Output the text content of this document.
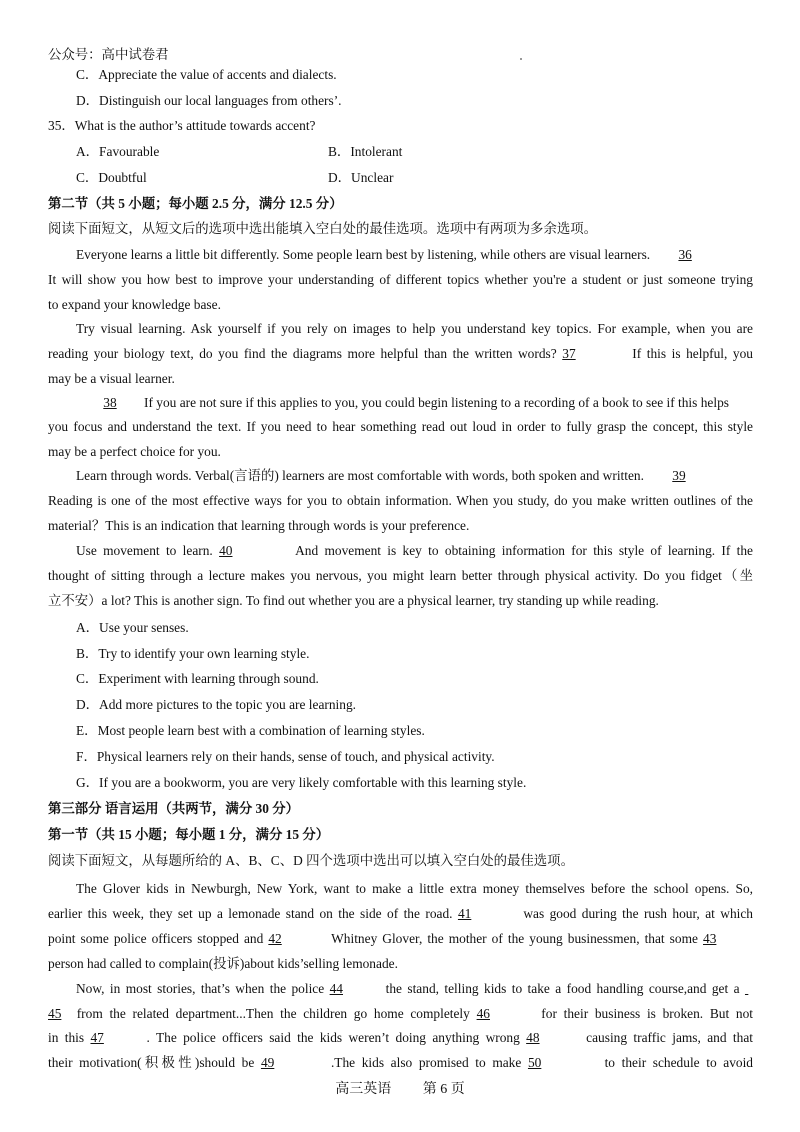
公众号：高中试卷君
C．Appreciate the value of accents and dialects.
D．Distinguish our local languages from others’.
35．What is the author’s attitude towards accent?
A．Favourable	B．Intolerant
C．Doubtful	D．Unclear
第二节（共 5 小题；每小题 2.5 分，满分 12.5 分）
阅读下面短文，从短文后的选项中选出能填入空白处的最佳选项。选项中有两项为多余选项。
Everyone learns a little bit differently. Some people learn best by listening, while others are visual learners. 36
It will show you how best to improve your understanding of different topics whether you're a student or just someone trying
to expand your knowledge base.
Try visual learning. Ask yourself if you rely on images to help you understand key topics. For example, when you are
reading your biology text, do you find the diagrams more helpful than the written words? 37	If this is helpful, you
may be a visual learner.
38 If you are not sure if this applies to you, you could begin listening to a recording of a book to see if this helps
you focus and understand the text. If you need to hear something read out loud in order to fully grasp the concept, this style
may be a perfect choice for you.
Learn through words. Verbal(言语的) learners are most comfortable with words, both spoken and written. 39
Reading is one of the most effective ways for you to obtain information. When you study, do you make written outlines of the
material？This is an indication that learning through words is your preference.
Use movement to learn. 40	And movement is key to obtaining information for this style of learning. If the
thought of sitting through a lecture makes you nervous, you might learn better through physical activity. Do you fidget（坐
立不安）a lot? This is another sign. To find out whether you are a physical learner, try standing up while reading.
A．Use your senses.
B．Try to identify your own learning style.
C．Experiment with learning through sound.
D．Add more pictures to the topic you are learning.
E．Most people learn best with a combination of learning styles.
F．Physical learners rely on their hands, sense of touch, and physical activity.
G．If you are a bookworm, you are very likely comfortable with this learning style.
第三部分 语言运用（共两节，满分 30 分）
第一节（共 15 小题；每小题 1 分，满分 15 分）
阅读下面短文，从每题所给的 A、B、C、D 四个选项中选出可以填入空白处的最佳选项。
The Glover kids in Newburgh, New York, want to make a little extra money themselves before the school opens. So,
earlier this week, they set up a lemonade stand on the side of the road. 41	was good during the rush hour, at which
point some police officers stopped and 42	Whitney Glover, the mother of the young businessmen, that some 43
person had called to complain(投诉)about kids’selling lemonade.
Now, in most stories, that’s when the police 44	the stand, telling kids to take a food handling course,and get a
45 from the related department...Then the children go home completely 46	for their business is broken. But not
in this 47	. The police officers said the kids weren’t doing anything wrong 48	causing traffic jams, and that
their motivation(积极性)should be 49	.The kids also promised to make 50	to their schedule to avoid
高三英语 第 6 页
